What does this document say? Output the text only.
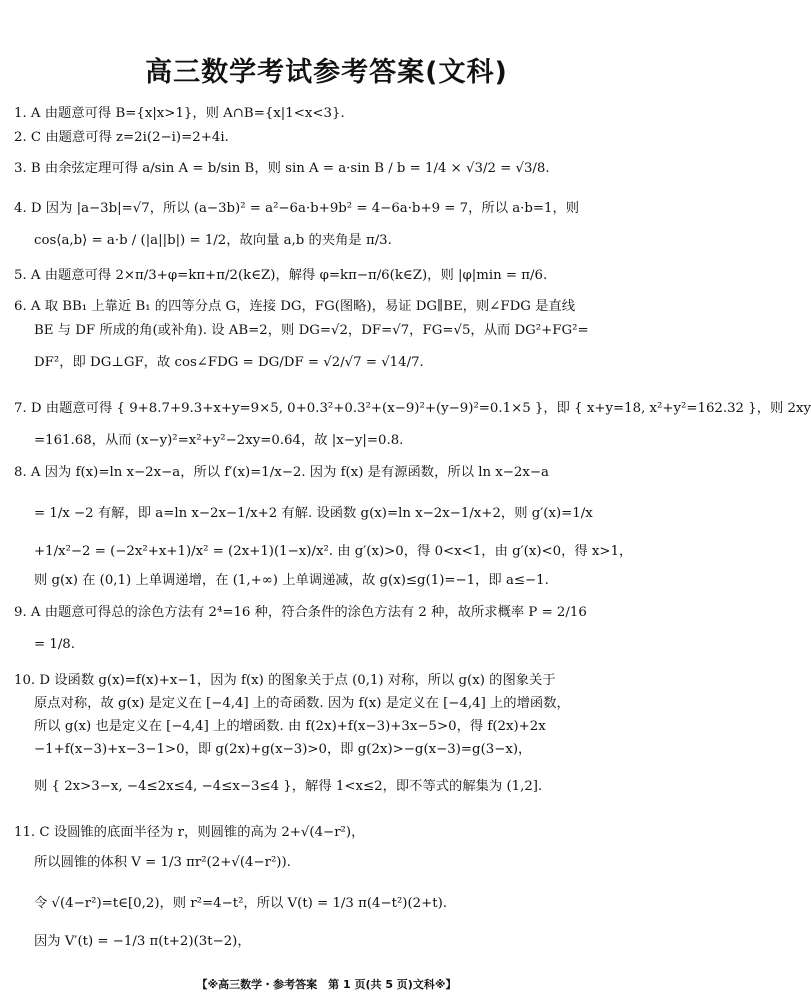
高三数学考试参考答案(文科)
1. A 由题意可得 B={x|x>1}，则 A∩B={x|1<x<3}.
2. C 由题意可得 z=2i(2−i)=2+4i.
3. B 由余弦定理可得 a/sin A = b/sin B，则 sin A = a·sin B / b = 1/4 × √3/2 = √3/8.
4. D 因为 |a−3b|=√7，所以 (a−3b)² = a²−6a·b+9b² = 4−6a·b+9 = 7，所以 a·b=1，则
cos⟨a,b⟩ = a·b / (|a||b|) = 1/2，故向量 a,b 的夹角是 π/3.
5. A 由题意可得 2×π/3+φ=kπ+π/2(k∈Z)，解得 φ=kπ−π/6(k∈Z)，则 |φ|min = π/6.
6. A 取 BB₁ 上靠近 B₁ 的四等分点 G，连接 DG，FG(图略)，易证 DG∥BE，则∠FDG 是直线
BE 与 DF 所成的角(或补角). 设 AB=2，则 DG=√2，DF=√7，FG=√5，从而 DG²+FG²=
DF²，即 DG⊥GF，故 cos∠FDG = DG/DF = √2/√7 = √14/7.
7. D 由题意可得 { 9+8.7+9.3+x+y=9×5, 0+0.3²+0.3²+(x−9)²+(y−9)²=0.1×5 }，即 { x+y=18, x²+y²=162.32 }，则 2xy
=161.68，从而 (x−y)²=x²+y²−2xy=0.64，故 |x−y|=0.8.
8. A 因为 f(x)=ln x−2x−a，所以 f′(x)=1/x−2. 因为 f(x) 是有源函数，所以 ln x−2x−a
= 1/x −2 有解，即 a=ln x−2x−1/x+2 有解. 设函数 g(x)=ln x−2x−1/x+2，则 g′(x)=1/x
+1/x²−2 = (−2x²+x+1)/x² = (2x+1)(1−x)/x². 由 g′(x)>0，得 0<x<1，由 g′(x)<0，得 x>1，
则 g(x) 在 (0,1) 上单调递增，在 (1,+∞) 上单调递减，故 g(x)≤g(1)=−1，即 a≤−1.
9. A 由题意可得总的涂色方法有 2⁴=16 种，符合条件的涂色方法有 2 种，故所求概率 P = 2/16
= 1/8.
10. D 设函数 g(x)=f(x)+x−1，因为 f(x) 的图象关于点 (0,1) 对称，所以 g(x) 的图象关于
原点对称，故 g(x) 是定义在 [−4,4] 上的奇函数. 因为 f(x) 是定义在 [−4,4] 上的增函数，
所以 g(x) 也是定义在 [−4,4] 上的增函数. 由 f(2x)+f(x−3)+3x−5>0，得 f(2x)+2x
−1+f(x−3)+x−3−1>0，即 g(2x)+g(x−3)>0，即 g(2x)>−g(x−3)=g(3−x)，
则 { 2x>3−x, −4≤2x≤4, −4≤x−3≤4 }，解得 1<x≤2，即不等式的解集为 (1,2].
11. C 设圆锥的底面半径为 r，则圆锥的高为 2+√(4−r²)，
所以圆锥的体积 V = 1/3 πr²(2+√(4−r²)).
令 √(4−r²)=t∈[0,2)，则 r²=4−t²，所以 V(t) = 1/3 π(4−t²)(2+t).
因为 V′(t) = −1/3 π(t+2)(3t−2)，
【※高三数学・参考答案　第 1 页(共 5 页)文科※】
